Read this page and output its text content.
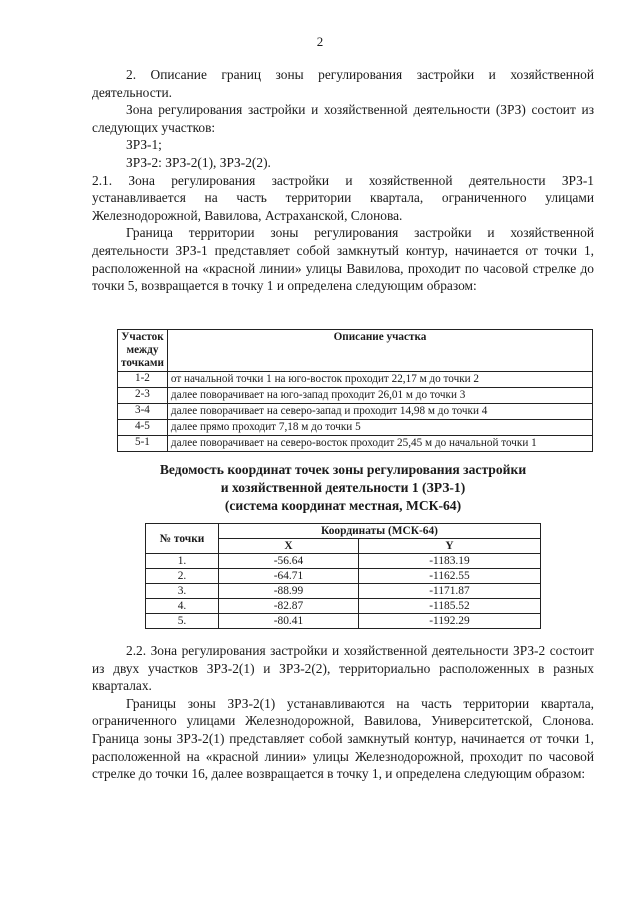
2

2. Описание границ зоны регулирования застройки и хозяйственной деятельности.

Зона регулирования застройки и хозяйственной деятельности (ЗРЗ) состоит из следующих участков:

ЗРЗ-1;

ЗРЗ-2: ЗРЗ-2(1), ЗРЗ-2(2).

2.1. Зона регулирования застройки и хозяйственной деятельности ЗРЗ-1 устанавливается на часть территории квартала, ограниченного улицами Железнодорожной, Вавилова, Астраханской, Слонова.

Граница территории зоны регулирования застройки и хозяйственной деятельности ЗРЗ-1 представляет собой замкнутый контур, начинается от точки 1, расположенной на «красной линии» улицы Вавилова, проходит по часовой стрелке до точки 5, возвращается в точку 1 и определена следующим образом:

Участок между точками	Описание участка
1-2	от начальной точки 1 на юго-восток проходит 22,17 м до точки 2
2-3	далее поворачивает на юго-запад проходит 26,01 м до точки 3
3-4	далее поворачивает на северо-запад и проходит 14,98 м до точки 4
4-5	далее прямо проходит 7,18 м до точки 5
5-1	далее поворачивает на северо-восток проходит 25,45 м до начальной точки 1
Ведомость координат точек зоны регулирования застройки
и хозяйственной деятельности 1 (ЗРЗ-1)
(система координат местная, МСК-64)
№ точки	Координаты (МСК-64)	
	X	Y
1.	-56.64	-1183.19
2.	-64.71	-1162.55
3.	-88.99	-1171.87
4.	-82.87	-1185.52
5.	-80.41	-1192.29

2.2. Зона регулирования застройки и хозяйственной деятельности ЗРЗ-2 состоит из двух участков ЗРЗ-2(1) и ЗРЗ-2(2), территориально расположенных в разных кварталах.

Границы зоны ЗРЗ-2(1) устанавливаются на часть территории квартала, ограниченного улицами Железнодорожной, Вавилова, Университетской, Слонова. Граница зоны ЗРЗ-2(1) представляет собой замкнутый контур, начинается от точки 1, расположенной на «красной линии» улицы Железнодорожной, проходит по часовой стрелке до точки 16, далее возвращается в точку 1, и определена следующим образом:
